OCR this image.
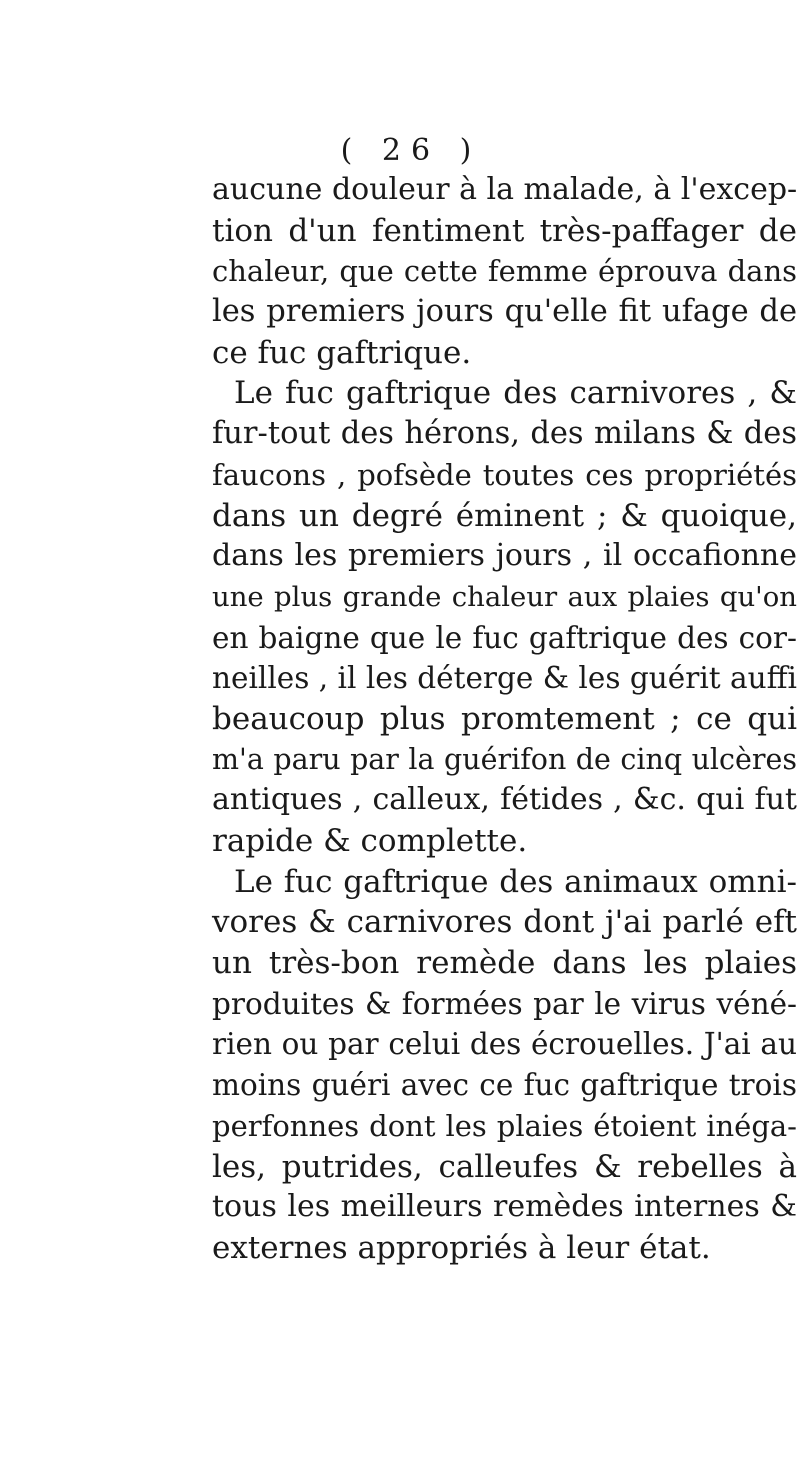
( 26 )
aucune douleur à la malade, à l'excep-
tion d'un fentiment très-paffager de
chaleur, que cette femme éprouva dans
les premiers jours qu'elle fit ufage de
ce fuc gaftrique.
Le fuc gaftrique des carnivores , &
fur-tout des hérons, des milans & des
faucons , pofsède toutes ces propriétés
dans un degré éminent ; & quoique,
dans les premiers jours , il occafionne
une plus grande chaleur aux plaies qu'on
en baigne que le fuc gaftrique des cor-
neilles , il les déterge & les guérit auffi
beaucoup plus promtement ; ce qui
m'a paru par la guérifon de cinq ulcères
antiques , calleux, fétides , &c. qui fut
rapide & complette.
Le fuc gaftrique des animaux omni-
vores & carnivores dont j'ai parlé eft
un très-bon remède dans les plaies
produites & formées par le virus véné-
rien ou par celui des écrouelles. J'ai au
moins guéri avec ce fuc gaftrique trois
perfonnes dont les plaies étoient inéga-
les, putrides, calleufes & rebelles à
tous les meilleurs remèdes internes &
externes appropriés à leur état.
